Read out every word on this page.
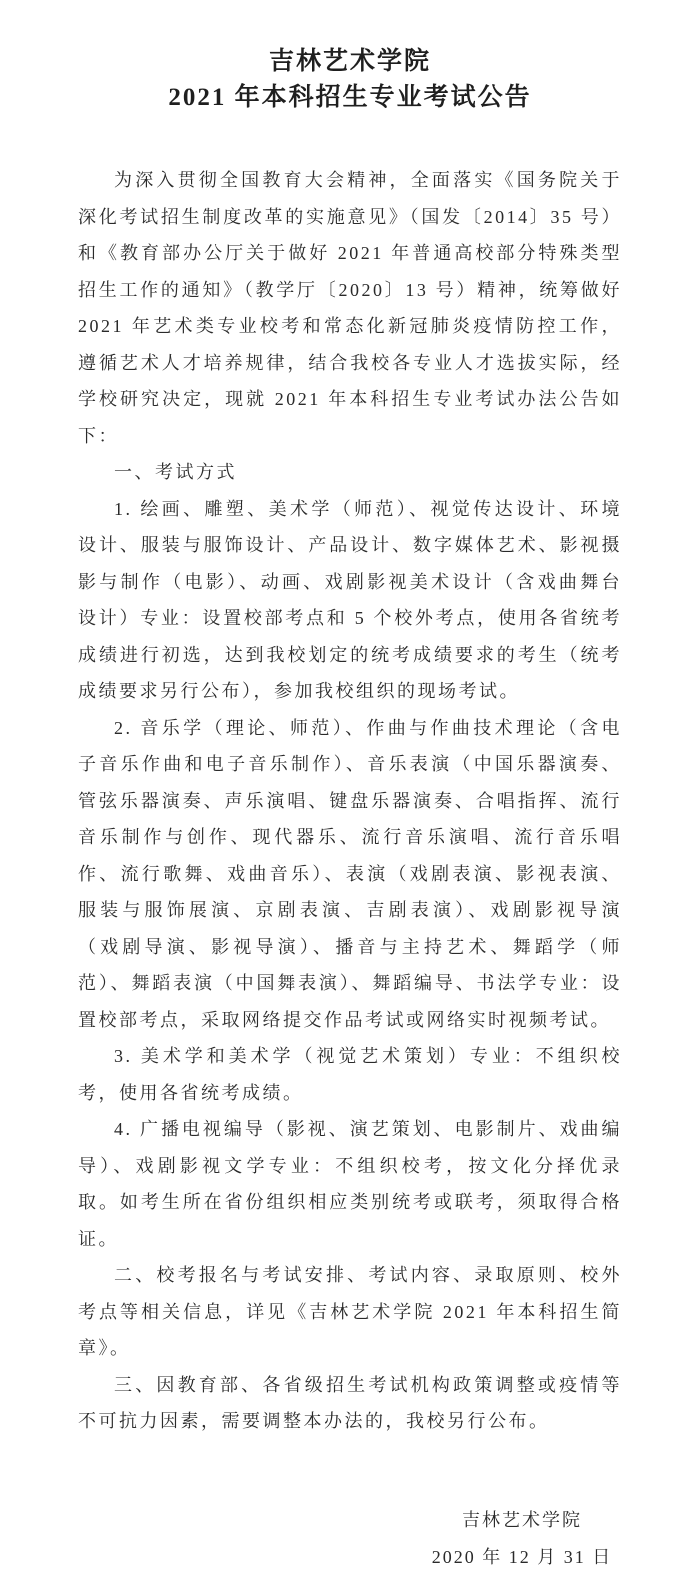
吉林艺术学院
2021 年本科招生专业考试公告

为深入贯彻全国教育大会精神，全面落实《国务院关于深化考试招生制度改革的实施意见》（国发〔2014〕35 号）和《教育部办公厅关于做好 2021 年普通高校部分特殊类型招生工作的通知》（教学厅〔2020〕13 号）精神，统筹做好 2021 年艺术类专业校考和常态化新冠肺炎疫情防控工作，遵循艺术人才培养规律，结合我校各专业人才选拔实际，经学校研究决定，现就 2021 年本科招生专业考试办法公告如下：

一、考试方式

1. 绘画、雕塑、美术学（师范）、视觉传达设计、环境设计、服装与服饰设计、产品设计、数字媒体艺术、影视摄影与制作（电影）、动画、戏剧影视美术设计（含戏曲舞台设计）专业：设置校部考点和 5 个校外考点，使用各省统考成绩进行初选，达到我校划定的统考成绩要求的考生（统考成绩要求另行公布），参加我校组织的现场考试。

2. 音乐学（理论、师范）、作曲与作曲技术理论（含电子音乐作曲和电子音乐制作）、音乐表演（中国乐器演奏、管弦乐器演奏、声乐演唱、键盘乐器演奏、合唱指挥、流行音乐制作与创作、现代器乐、流行音乐演唱、流行音乐唱作、流行歌舞、戏曲音乐）、表演（戏剧表演、影视表演、服装与服饰展演、京剧表演、吉剧表演）、戏剧影视导演（戏剧导演、影视导演）、播音与主持艺术、舞蹈学（师范）、舞蹈表演（中国舞表演）、舞蹈编导、书法学专业：设置校部考点，采取网络提交作品考试或网络实时视频考试。

3. 美术学和美术学（视觉艺术策划）专业：不组织校考，使用各省统考成绩。

4. 广播电视编导（影视、演艺策划、电影制片、戏曲编导）、戏剧影视文学专业：不组织校考，按文化分择优录取。如考生所在省份组织相应类别统考或联考，须取得合格证。

二、校考报名与考试安排、考试内容、录取原则、校外考点等相关信息，详见《吉林艺术学院 2021 年本科招生简章》。

三、因教育部、各省级招生考试机构政策调整或疫情等不可抗力因素，需要调整本办法的，我校另行公布。

吉林艺术学院
2020 年 12 月 31 日
